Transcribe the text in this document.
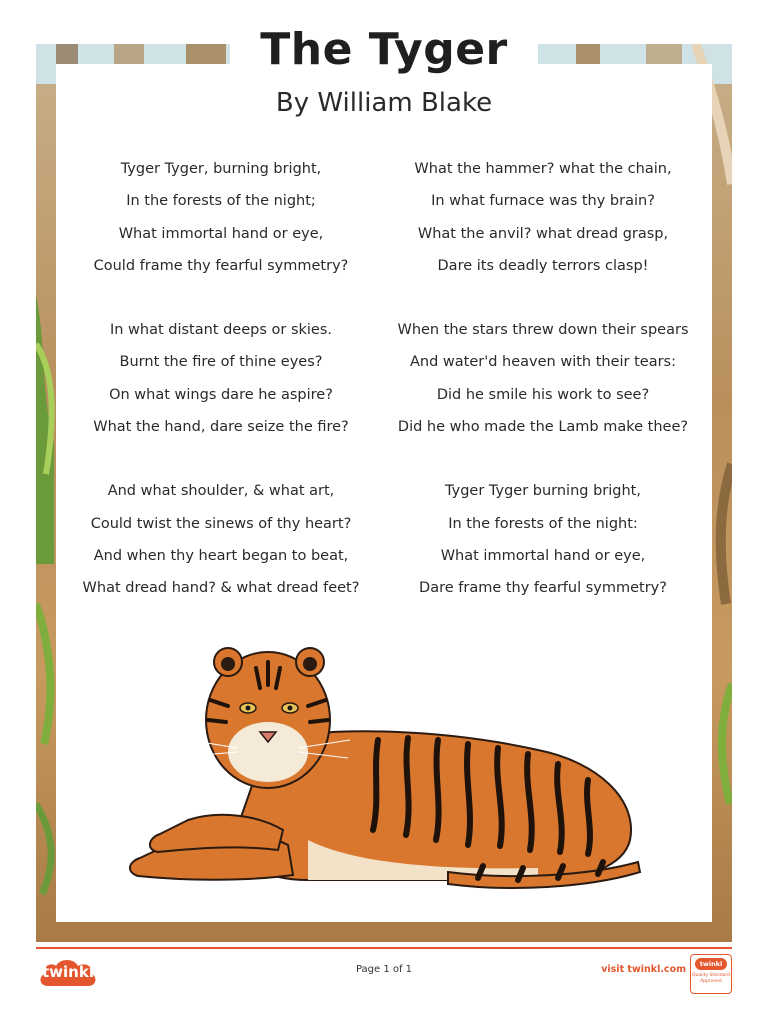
The Tyger
By William Blake
Tyger Tyger, burning bright,
In the forests of the night;
What immortal hand or eye,
Could frame thy fearful symmetry?
In what distant deeps or skies.
Burnt the fire of thine eyes?
On what wings dare he aspire?
What the hand, dare seize the fire?
And what shoulder, & what art,
Could twist the sinews of thy heart?
And when thy heart began to beat,
What dread hand? & what dread feet?
What the hammer? what the chain,
In what furnace was thy brain?
What the anvil? what dread grasp,
Dare its deadly terrors clasp!
When the stars threw down their spears
And water'd heaven with their tears:
Did he smile his work to see?
Did he who made the Lamb make thee?
Tyger Tyger burning bright,
In the forests of the night:
What immortal hand or eye,
Dare frame thy fearful symmetry?
twinkl	Page 1 of 1	visit twinkl.com	twinkl
Quality Standard Approved
